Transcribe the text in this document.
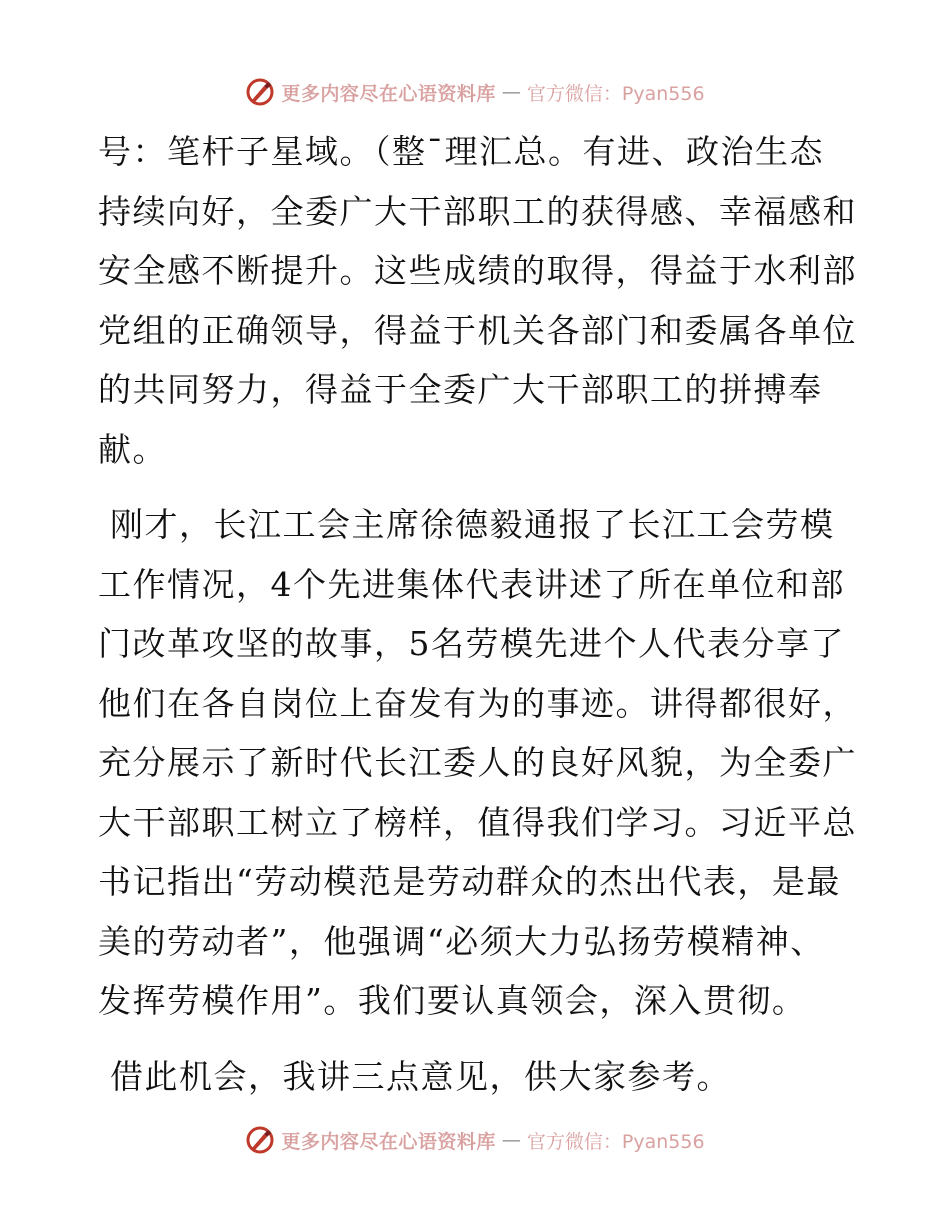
更多内容尽在心语资料库 — 官方微信：Pyan556

号：笔杆子星域。（整¯理汇总。有进、政治生态持续向好，全委广大干部职工的获得感、幸福感和安全感不断提升。这些成绩的取得，得益于水利部党组的正确领导，得益于机关各部门和委属各单位的共同努力，得益于全委广大干部职工的拼搏奉献。

刚才，长江工会主席徐德毅通报了长江工会劳模工作情况，4个先进集体代表讲述了所在单位和部门改革攻坚的故事，5名劳模先进个人代表分享了他们在各自岗位上奋发有为的事迹。讲得都很好，充分展示了新时代长江委人的良好风貌，为全委广大干部职工树立了榜样，值得我们学习。习近平总书记指出“劳动模范是劳动群众的杰出代表，是最美的劳动者”，他强调“必须大力弘扬劳模精神、发挥劳模作用”。我们要认真领会，深入贯彻。

借此机会，我讲三点意见，供大家参考。

更多内容尽在心语资料库 — 官方微信：Pyan556
